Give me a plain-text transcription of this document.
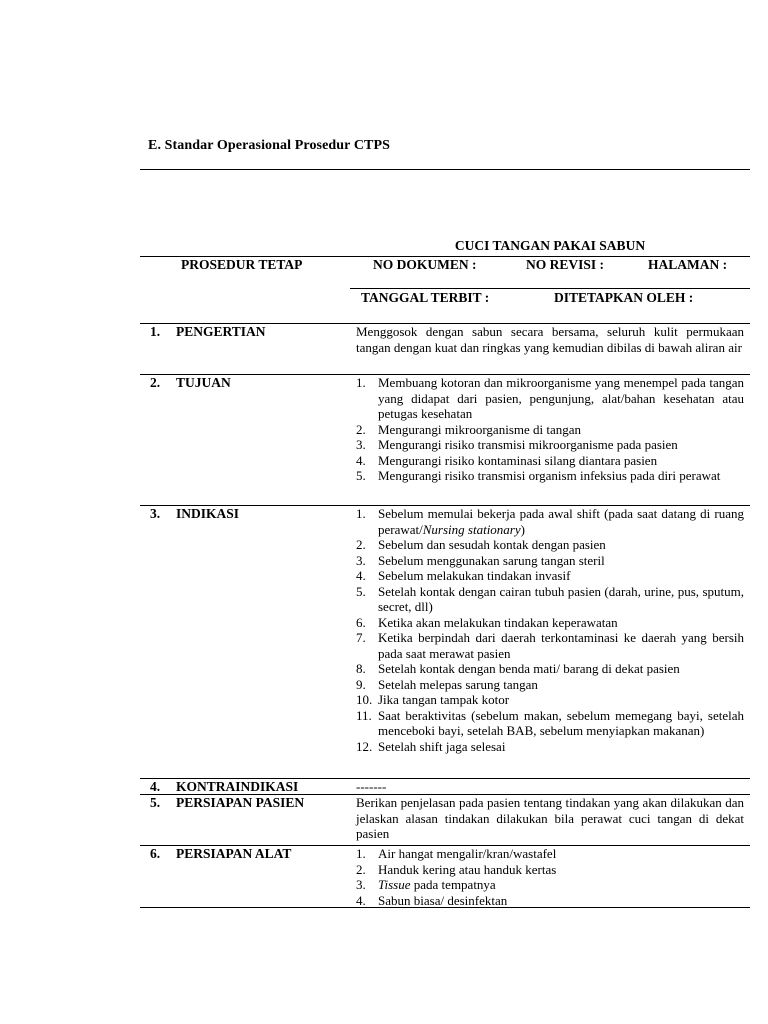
E. Standar Operasional Prosedur CTPS
CUCI TANGAN PAKAI SABUN
PROSEDUR TETAP	NO DOKUMEN :	NO REVISI :	HALAMAN :
TANGGAL TERBIT :	DITETAPKAN OLEH :
1. PENGERTIAN	Menggosok dengan sabun secara bersama, seluruh kulit permukaan tangan dengan kuat dan ringkas yang kemudian dibilas di bawah aliran air
2. TUJUAN	1. Membuang kotoran dan mikroorganisme yang menempel pada tangan yang didapat dari pasien, pengunjung, alat/bahan kesehatan atau petugas kesehatan
2. Mengurangi mikroorganisme di tangan
3. Mengurangi risiko transmisi mikroorganisme pada pasien
4. Mengurangi risiko kontaminasi silang diantara pasien
5. Mengurangi risiko transmisi organism infeksius pada diri perawat
3. INDIKASI	1. Sebelum memulai bekerja pada awal shift (pada saat datang di ruang perawat/Nursing stationary)
2. Sebelum dan sesudah kontak dengan pasien
3. Sebelum menggunakan sarung tangan steril
4. Sebelum melakukan tindakan invasif
5. Setelah kontak dengan cairan tubuh pasien (darah, urine, pus, sputum, secret, dll)
6. Ketika akan melakukan tindakan keperawatan
7. Ketika berpindah dari daerah terkontaminasi ke daerah yang bersih pada saat merawat pasien
8. Setelah kontak dengan benda mati/ barang di dekat pasien
9. Setelah melepas sarung tangan
10. Jika tangan tampak kotor
11. Saat beraktivitas (sebelum makan, sebelum memegang bayi, setelah menceboki bayi, setelah BAB, sebelum menyiapkan makanan)
12. Setelah shift jaga selesai
4. KONTRAINDIKASI	-------
5. PERSIAPAN PASIEN	Berikan penjelasan pada pasien tentang tindakan yang akan dilakukan dan jelaskan alasan tindakan dilakukan bila perawat cuci tangan di dekat pasien
6. PERSIAPAN ALAT	1. Air hangat mengalir/kran/wastafel
2. Handuk kering atau handuk kertas
3. Tissue pada tempatnya
4. Sabun biasa/ desinfektan
